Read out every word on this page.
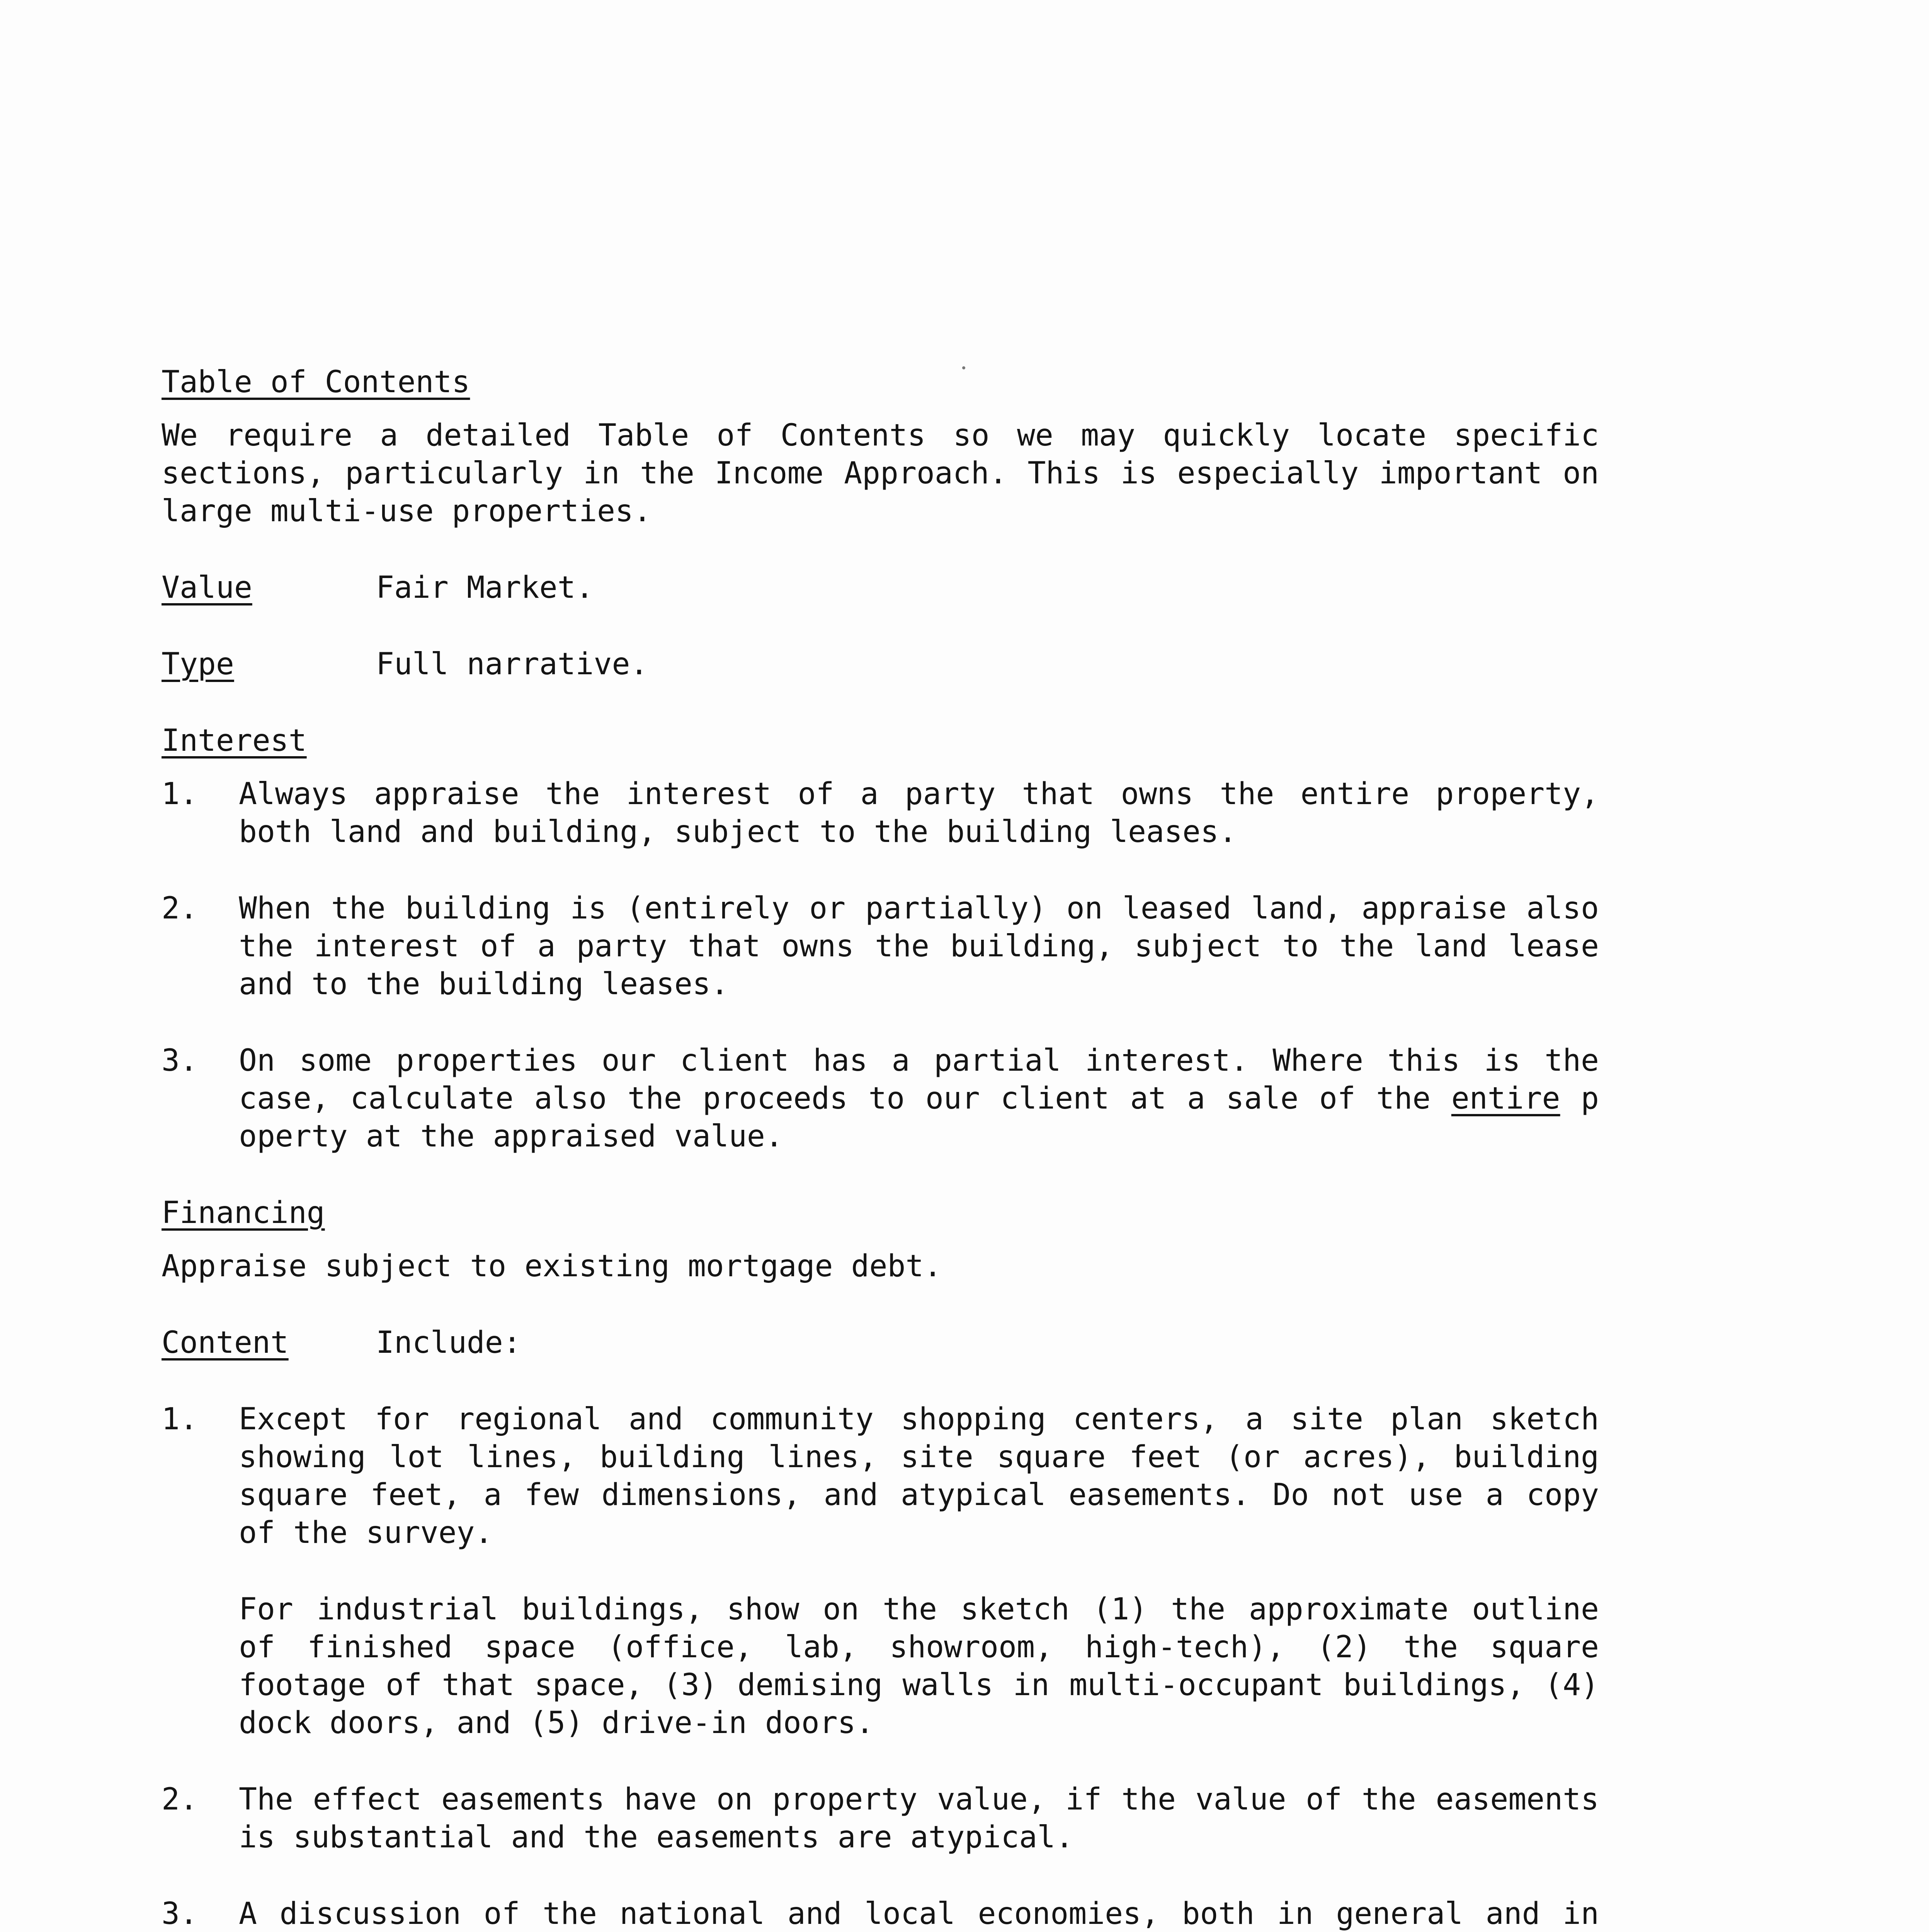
Table of Contents

We require a detailed Table of Contents so we may quickly locate specific sections, particularly in the Income Approach. This is especially important on large multi-use properties.

Value	Fair Market.
Type	Full narrative.
Interest
1.	Always appraise the interest of a party that owns the entire property, both land and building, subject to the building leases.
2.	When the building is (entirely or partially) on leased land, appraise also the interest of a party that owns the building, subject to the land lease and to the building leases.
3.	On some properties our client has a partial interest. Where this is the case, calculate also the proceeds to our client at a sale of the entire p operty at the appraised value.
Financing

Appraise subject to existing mortgage debt.

Content	Include:
1.	Except for regional and community shopping centers, a site plan sketch showing lot lines, building lines, site square feet (or acres), building square feet, a few dimensions, and atypical easements. Do not use a copy of the survey.
For industrial buildings, show on the sketch (1) the approximate outline of finished space (office, lab, showroom, high-tech), (2) the square footage of that space, (3) demising walls in multi-occupant buildings, (4) dock doors, and (5) drive-in doors.
2.	The effect easements have on property value, if the value of the easements is substantial and the easements are atypical.
3.	A discussion of the national and local economies, both in general and in
